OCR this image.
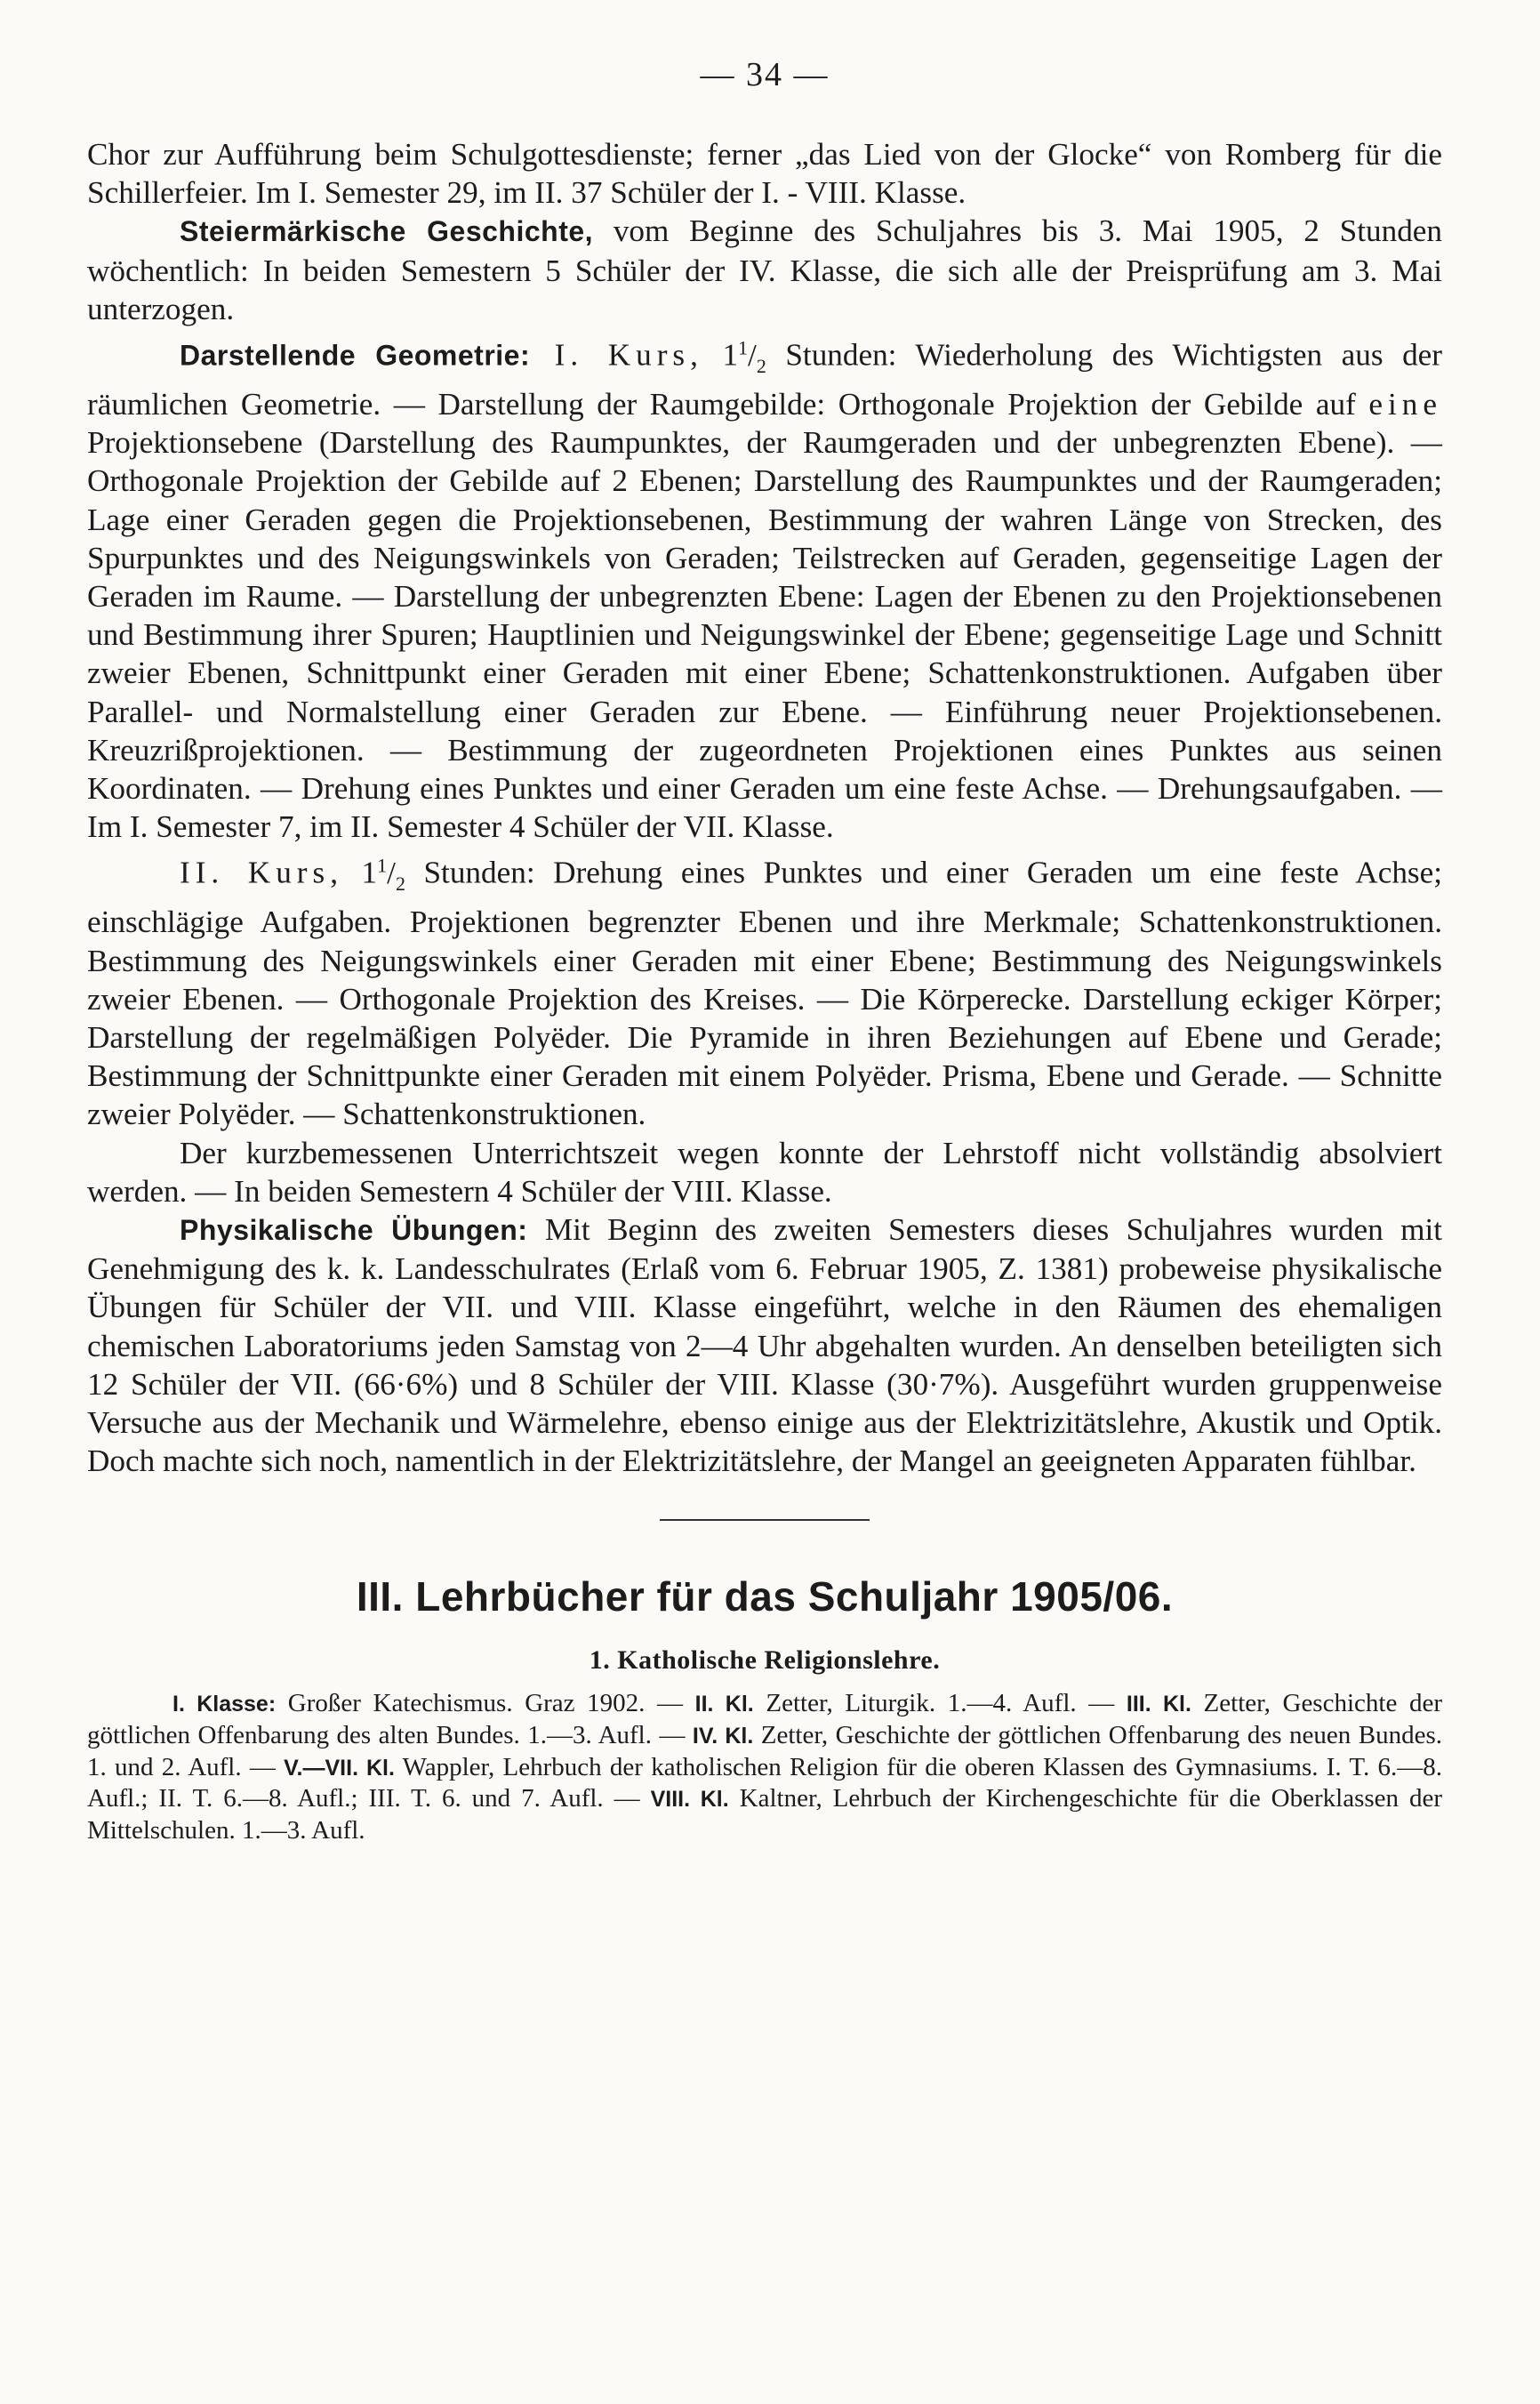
— 34 —

Chor zur Aufführung beim Schulgottesdienste; ferner „das Lied von der Glocke“ von Romberg für die Schillerfeier. Im I. Semester 29, im II. 37 Schüler der I. - VIII. Klasse.

Steiermärkische Geschichte, vom Beginne des Schuljahres bis 3. Mai 1905, 2 Stunden wöchentlich: In beiden Semestern 5 Schüler der IV. Klasse, die sich alle der Preisprüfung am 3. Mai unterzogen.

Darstellende Geometrie: I. Kurs, $1^1/_2$ Stunden: Wiederholung des Wichtigsten aus der räumlichen Geometrie. — Darstellung der Raumgebilde: Orthogonale Projektion der Gebilde auf eine Projektionsebene (Darstellung des Raumpunktes, der Raumgeraden und der unbegrenzten Ebene). — Orthogonale Projektion der Gebilde auf 2 Ebenen; Darstellung des Raumpunktes und der Raumgeraden; Lage einer Geraden gegen die Projektionsebenen, Bestimmung der wahren Länge von Strecken, des Spurpunktes und des Neigungswinkels von Geraden; Teilstrecken auf Geraden, gegenseitige Lagen der Geraden im Raume. — Darstellung der unbegrenzten Ebene: Lagen der Ebenen zu den Projektionsebenen und Bestimmung ihrer Spuren; Hauptlinien und Neigungswinkel der Ebene; gegenseitige Lage und Schnitt zweier Ebenen, Schnittpunkt einer Geraden mit einer Ebene; Schattenkonstruktionen. Aufgaben über Parallel- und Normalstellung einer Geraden zur Ebene. — Einführung neuer Projektionsebenen. Kreuzrißprojektionen. — Bestimmung der zugeordneten Projektionen eines Punktes aus seinen Koordinaten. — Drehung eines Punktes und einer Geraden um eine feste Achse. — Drehungsaufgaben. — Im I. Semester 7, im II. Semester 4 Schüler der VII. Klasse.

II. Kurs, $1^1/_2$ Stunden: Drehung eines Punktes und einer Geraden um eine feste Achse; einschlägige Aufgaben. Projektionen begrenzter Ebenen und ihre Merkmale; Schattenkonstruktionen. Bestimmung des Neigungswinkels einer Geraden mit einer Ebene; Bestimmung des Neigungswinkels zweier Ebenen. — Orthogonale Projektion des Kreises. — Die Körperecke. Darstellung eckiger Körper; Darstellung der regelmäßigen Polyëder. Die Pyramide in ihren Beziehungen auf Ebene und Gerade; Bestimmung der Schnittpunkte einer Geraden mit einem Polyëder. Prisma, Ebene und Gerade. — Schnitte zweier Polyëder. — Schattenkonstruktionen.

Der kurzbemessenen Unterrichtszeit wegen konnte der Lehrstoff nicht vollständig absolviert werden. — In beiden Semestern 4 Schüler der VIII. Klasse.

Physikalische Übungen: Mit Beginn des zweiten Semesters dieses Schuljahres wurden mit Genehmigung des k. k. Landesschulrates (Erlaß vom 6. Februar 1905, Z. 1381) probeweise physikalische Übungen für Schüler der VII. und VIII. Klasse eingeführt, welche in den Räumen des ehemaligen chemischen Laboratoriums jeden Samstag von 2—4 Uhr abgehalten wurden. An denselben beteiligten sich 12 Schüler der VII. (66·6%) und 8 Schüler der VIII. Klasse (30·7%). Ausgeführt wurden gruppenweise Versuche aus der Mechanik und Wärmelehre, ebenso einige aus der Elektrizitätslehre, Akustik und Optik. Doch machte sich noch, namentlich in der Elektrizitätslehre, der Mangel an geeigneten Apparaten fühlbar.

III. Lehrbücher für das Schuljahr 1905/06.
1. Katholische Religionslehre.

I. Klasse: Großer Katechismus. Graz 1902. — II. Kl. Zetter, Liturgik. 1.—4. Aufl. — III. Kl. Zetter, Geschichte der göttlichen Offenbarung des alten Bundes. 1.—3. Aufl. — IV. Kl. Zetter, Geschichte der göttlichen Offenbarung des neuen Bundes. 1. und 2. Aufl. — V.—VII. Kl. Wappler, Lehrbuch der katholischen Religion für die oberen Klassen des Gymnasiums. I. T. 6.—8. Aufl.; II. T. 6.—8. Aufl.; III. T. 6. und 7. Aufl. — VIII. Kl. Kaltner, Lehrbuch der Kirchengeschichte für die Oberklassen der Mittelschulen. 1.—3. Aufl.
